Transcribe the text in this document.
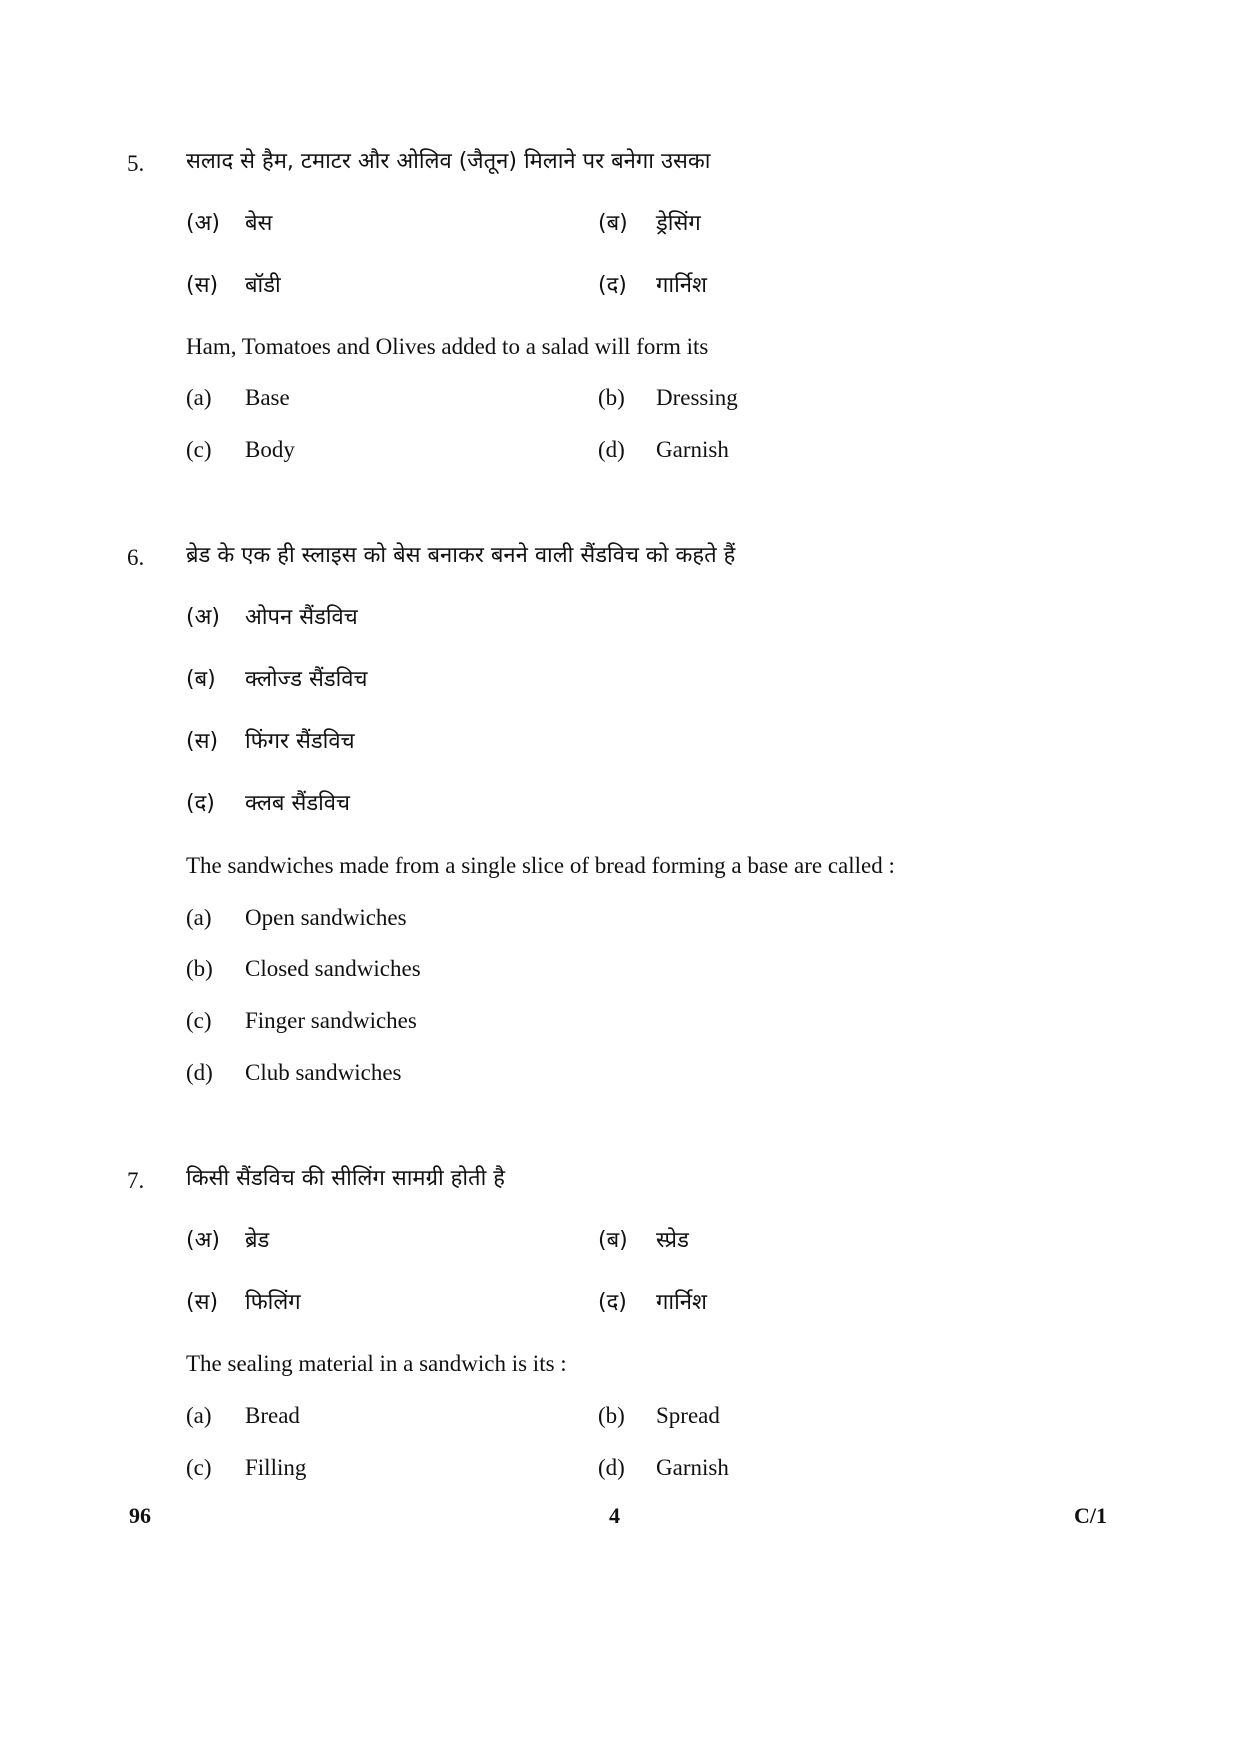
5. सलाद से हैम, टमाटर और ओलिव (जैतून) मिलाने पर बनेगा उसका
(अ) बेस	(ब) ड्रेसिंग
(स) बॉडी	(द) गार्निश
Ham, Tomatoes and Olives added to a salad will form its
(a) Base	(b) Dressing
(c) Body	(d) Garnish
6. ब्रेड के एक ही स्लाइस को बेस बनाकर बनने वाली सैंडविच को कहते हैं
(अ) ओपन सैंडविच
(ब) क्लोज्ड सैंडविच
(स) फिंगर सैंडविच
(द) क्लब सैंडविच
The sandwiches made from a single slice of bread forming a base are called :
(a) Open sandwiches
(b) Closed sandwiches
(c) Finger sandwiches
(d) Club sandwiches
7. किसी सैंडविच की सीलिंग सामग्री होती है
(अ) ब्रेड	(ब) स्प्रेड
(स) फिलिंग	(द) गार्निश
The sealing material in a sandwich is its :
(a) Bread	(b) Spread
(c) Filling	(d) Garnish
96	4	C/1
